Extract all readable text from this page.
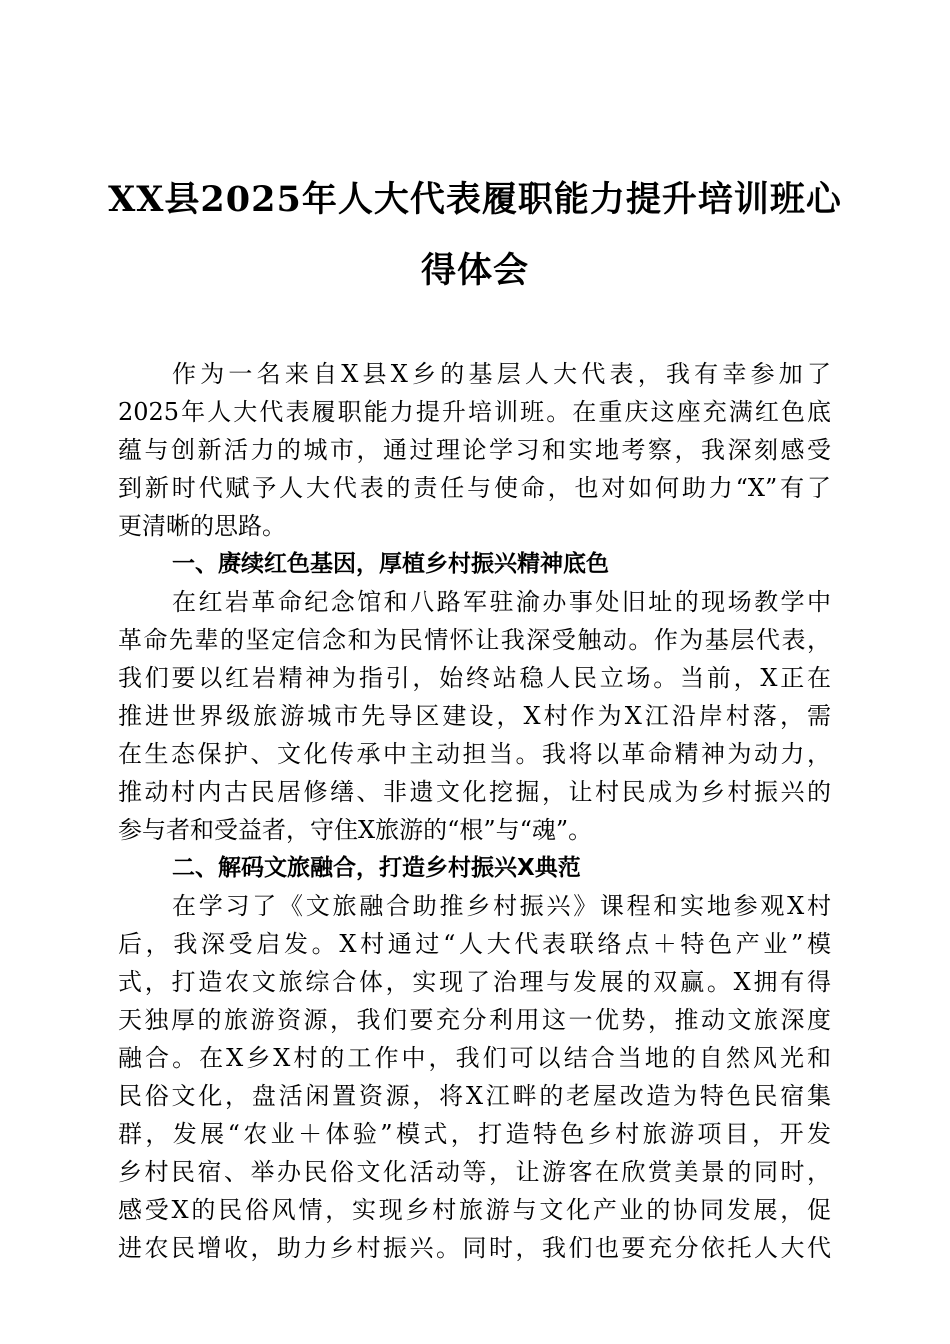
XX县2025年人大代表履职能力提升培训班心
得体会
作为一名来自X县X乡的基层人大代表，我有幸参加了
2025年人大代表履职能力提升培训班。在重庆这座充满红色底
蕴与创新活力的城市，通过理论学习和实地考察，我深刻感受
到新时代赋予人大代表的责任与使命，也对如何助力“X”有了
更清晰的思路。
一、赓续红色基因，厚植乡村振兴精神底色
在红岩革命纪念馆和八路军驻渝办事处旧址的现场教学中
革命先辈的坚定信念和为民情怀让我深受触动。作为基层代表，
我们要以红岩精神为指引，始终站稳人民立场。当前，X正在
推进世界级旅游城市先导区建设，X村作为X江沿岸村落，需
在生态保护、文化传承中主动担当。我将以革命精神为动力，
推动村内古民居修缮、非遗文化挖掘，让村民成为乡村振兴的
参与者和受益者，守住X旅游的“根”与“魂”。
二、解码文旅融合，打造乡村振兴X典范
在学习了《文旅融合助推乡村振兴》课程和实地参观X村
后，我深受启发。X村通过“人大代表联络点＋特色产业”模
式，打造农文旅综合体，实现了治理与发展的双赢。X拥有得
天独厚的旅游资源，我们要充分利用这一优势，推动文旅深度
融合。在X乡X村的工作中，我们可以结合当地的自然风光和
民俗文化，盘活闲置资源，将X江畔的老屋改造为特色民宿集
群，发展“农业＋体验”模式，打造特色乡村旅游项目，开发
乡村民宿、举办民俗文化活动等，让游客在欣赏美景的同时，
感受X的民俗风情，实现乡村旅游与文化产业的协同发展，促
进农民增收，助力乡村振兴。同时，我们也要充分依托人大代
